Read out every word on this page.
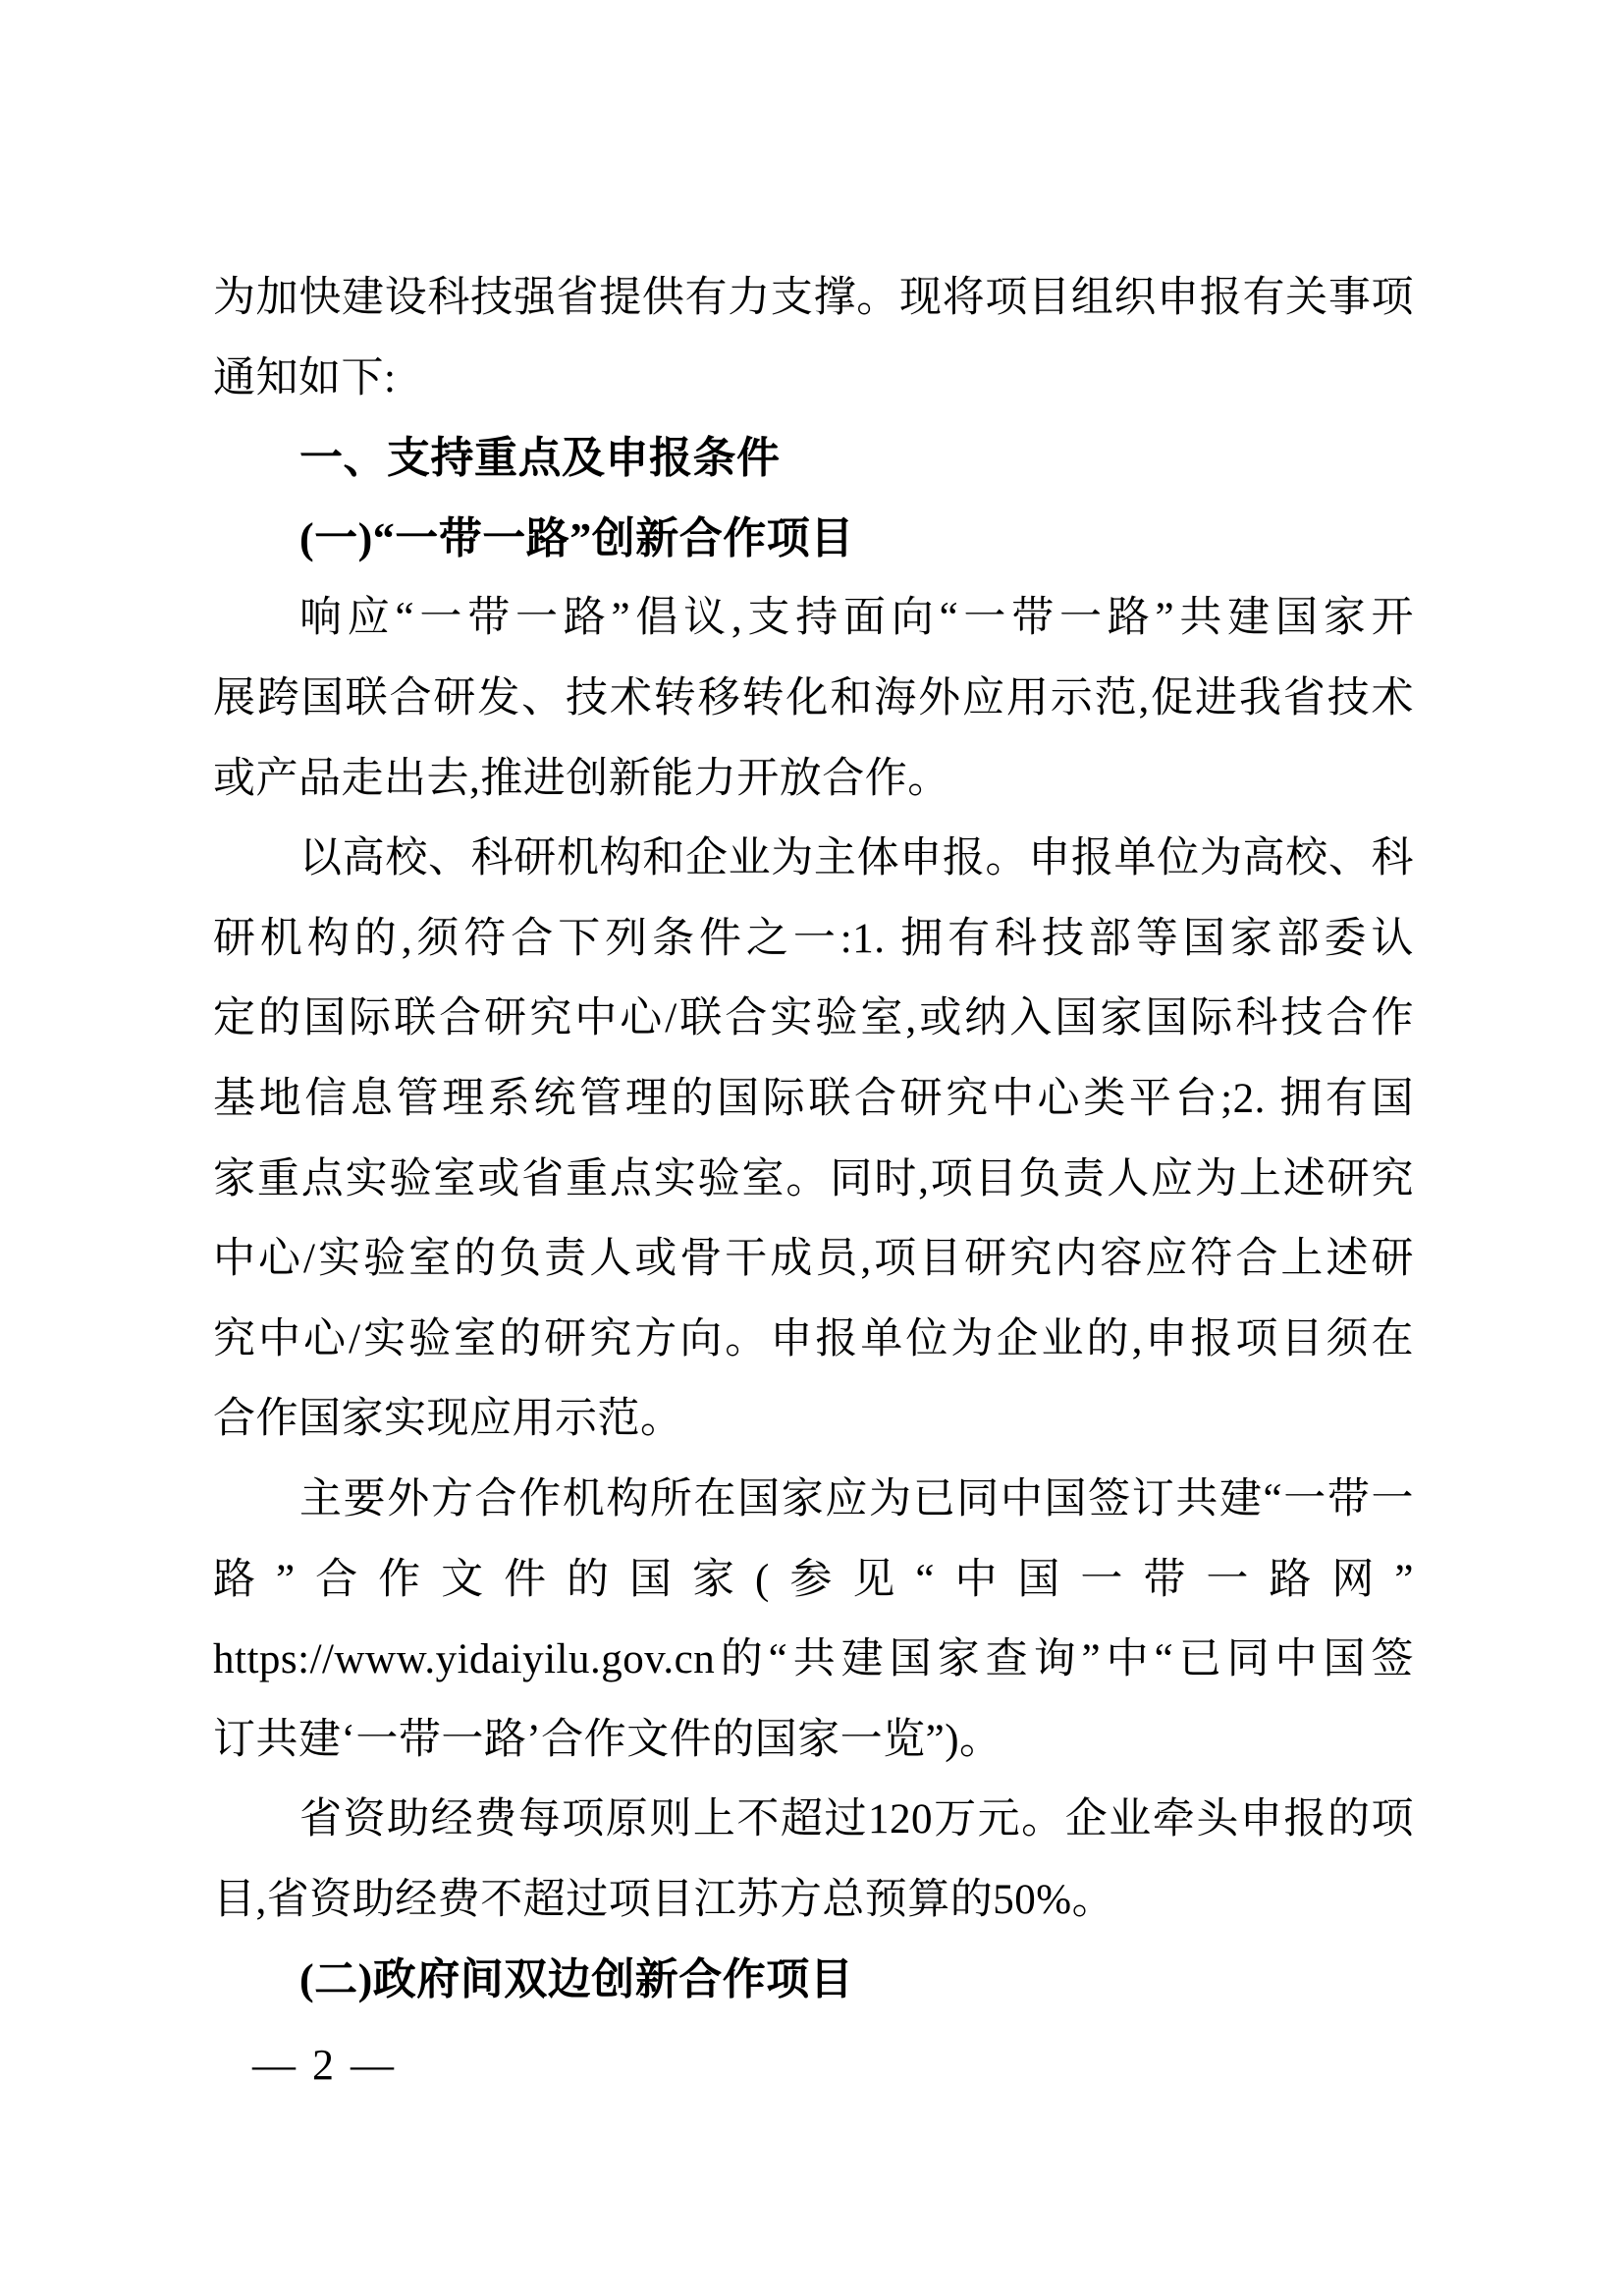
为加快建设科技强省提供有力支撑。现将项目组织申报有关事项
通知如下:
一、支持重点及申报条件
(一)“一带一路”创新合作项目
响应“一带一路”倡议,支持面向“一带一路”共建国家开
展跨国联合研发、技术转移转化和海外应用示范,促进我省技术
或产品走出去,推进创新能力开放合作。
以高校、科研机构和企业为主体申报。申报单位为高校、科
研机构的,须符合下列条件之一:1. 拥有科技部等国家部委认
定的国际联合研究中心/联合实验室,或纳入国家国际科技合作
基地信息管理系统管理的国际联合研究中心类平台;2. 拥有国
家重点实验室或省重点实验室。同时,项目负责人应为上述研究
中心/实验室的负责人或骨干成员,项目研究内容应符合上述研
究中心/实验室的研究方向。申报单位为企业的,申报项目须在
合作国家实现应用示范。
主要外方合作机构所在国家应为已同中国签订共建“一带一
路”合作文件的国家(参见“中国一带一路网”
https://www.yidaiyilu.gov.cn的“共建国家查询”中“已同中国签
订共建‘一带一路’合作文件的国家一览”)。
省资助经费每项原则上不超过120万元。企业牵头申报的项
目,省资助经费不超过项目江苏方总预算的50%。
(二)政府间双边创新合作项目
— 2 —
